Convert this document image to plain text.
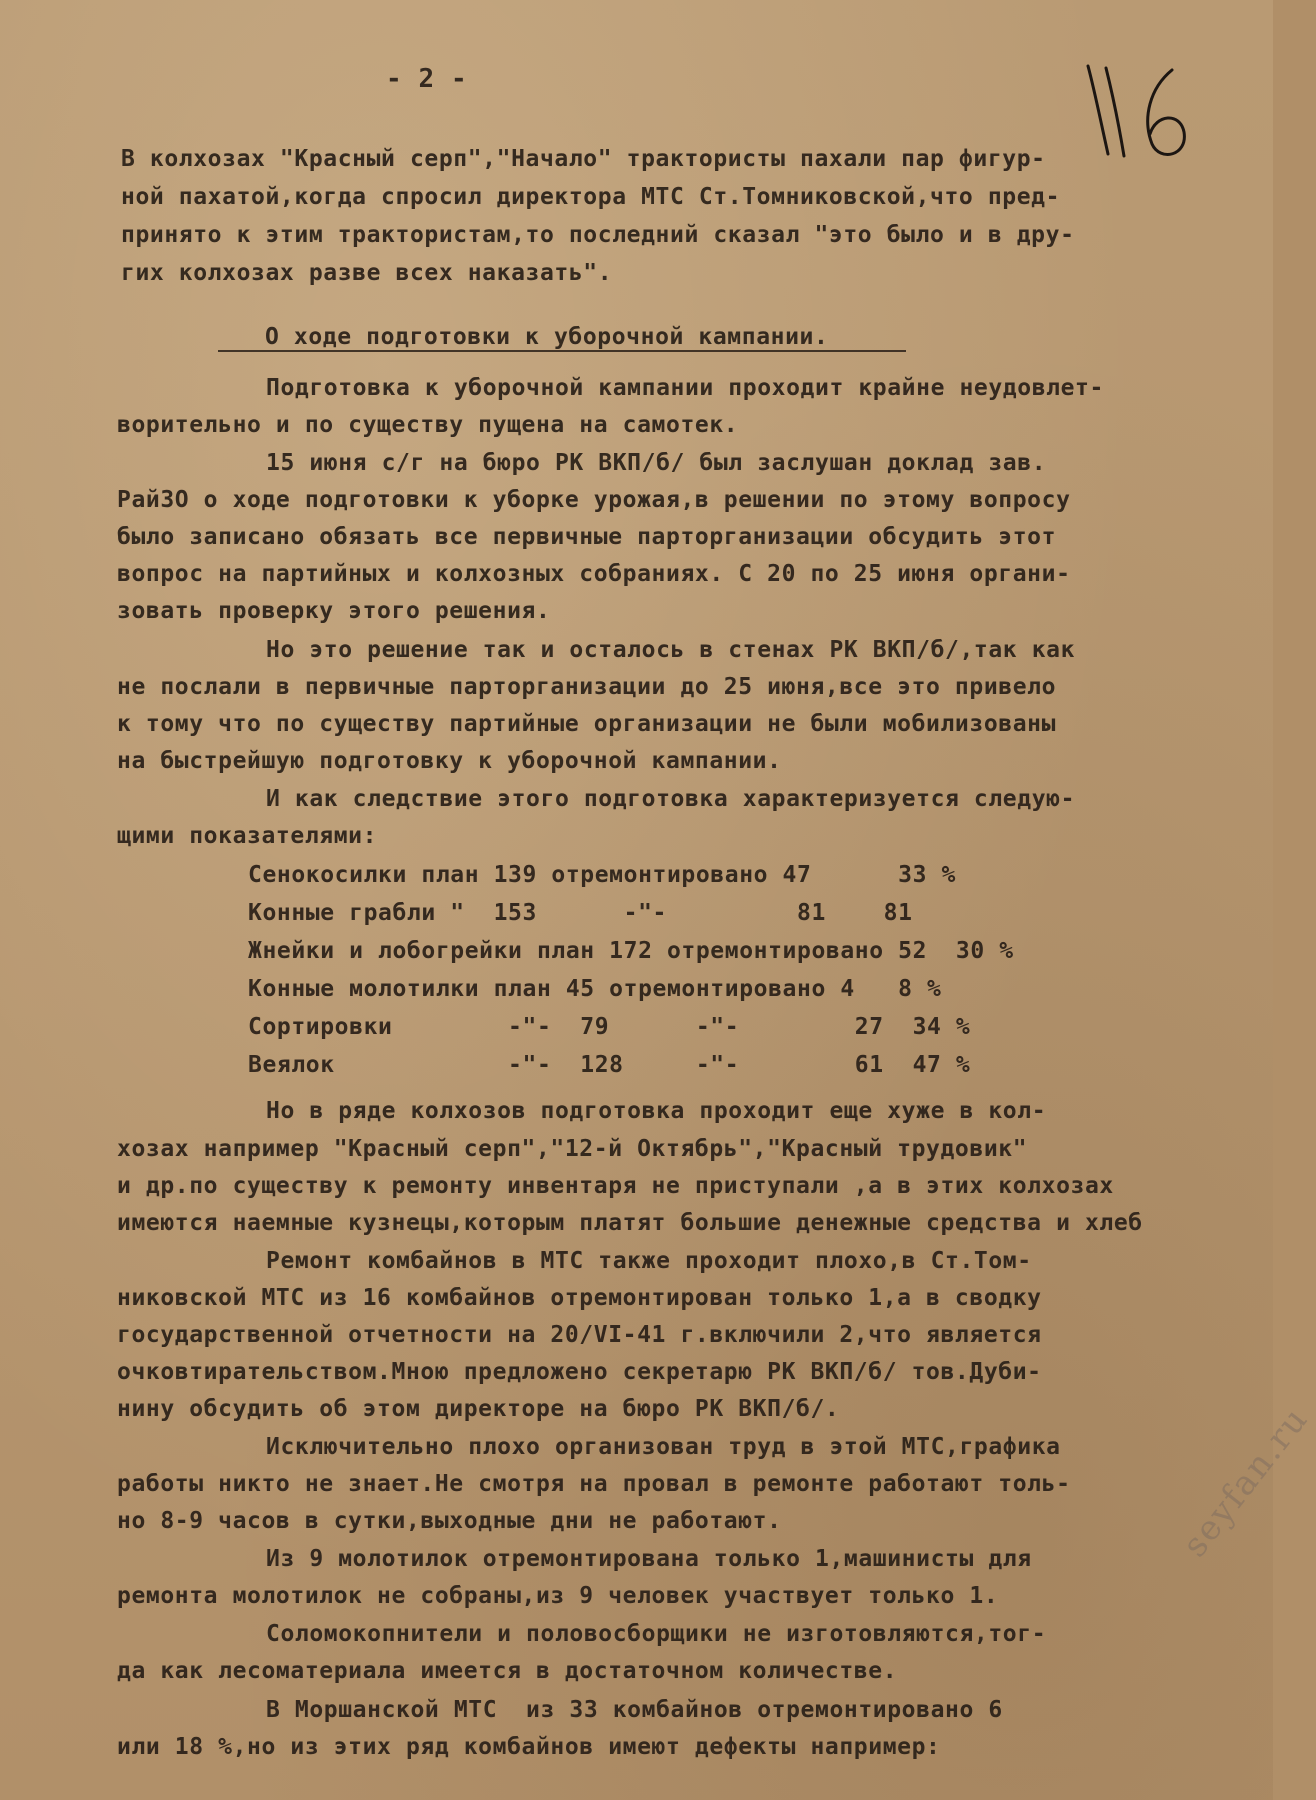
- 2 -
В колхозах "Красный серп","Начало" трактористы пахали пар фигур-
ной пахатой,когда спросил директора МТС Ст.Томниковской,что пред-
принято к этим трактористам,то последний сказал "это было и в дру-
гих колхозах разве всех наказать".
О ходе подготовки к уборочной кампании.
Подготовка к уборочной кампании проходит крайне неудовлет-
ворительно и по существу пущена на самотек.
15 июня с/г на бюро РК ВКП/б/ был заслушан доклад зав.
РайЗО о ходе подготовки к уборке урожая,в решении по этому вопросу
было записано обязать все первичные парторганизации обсудить этот
вопрос на партийных и колхозных собраниях. С 20 по 25 июня органи-
зовать проверку этого решения.
Но это решение так и осталось в стенах РК ВКП/б/,так как
не послали в первичные парторганизации до 25 июня,все это привело
к тому что по существу партийные организации не были мобилизованы
на быстрейшую подготовку к уборочной кампании.
И как следствие этого подготовка характеризуется следую-
щими показателями:
Сенокосилки план 139 отремонтировано 47      33 %
Конные грабли "  153      -"-         81    81
Жнейки и лобогрейки план 172 отремонтировано 52  30 %
Конные молотилки план 45 отремонтировано 4   8 %
Сортировки        -"-  79      -"-        27  34 %
Веялок            -"-  128     -"-        61  47 %
Но в ряде колхозов подготовка проходит еще хуже в кол-
хозах например "Красный серп","12-й Октябрь","Красный трудовик"
и др.по существу к ремонту инвентаря не приступали ,а в этих колхозах
имеются наемные кузнецы,которым платят большие денежные средства и хлеб
Ремонт комбайнов в МТС также проходит плохо,в Ст.Том-
никовской МТС из 16 комбайнов отремонтирован только 1,а в сводку
государственной отчетности на 20/VI-41 г.включили 2,что является
очковтирательством.Мною предложено секретарю РК ВКП/б/ тов.Дуби-
нину обсудить об этом директоре на бюро РК ВКП/б/.
Исключительно плохо организован труд в этой МТС,графика
работы никто не знает.Не смотря на провал в ремонте работают толь-
но 8-9 часов в сутки,выходные дни не работают.
Из 9 молотилок отремонтирована только 1,машинисты для
ремонта молотилок не собраны,из 9 человек участвует только 1.
Соломокопнители и половосборщики не изготовляются,тог-
да как лесоматериала имеется в достаточном количестве.
В Моршанской МТС  из 33 комбайнов отремонтировано 6
или 18 %,но из этих ряд комбайнов имеют дефекты например:
seyfan.ru
